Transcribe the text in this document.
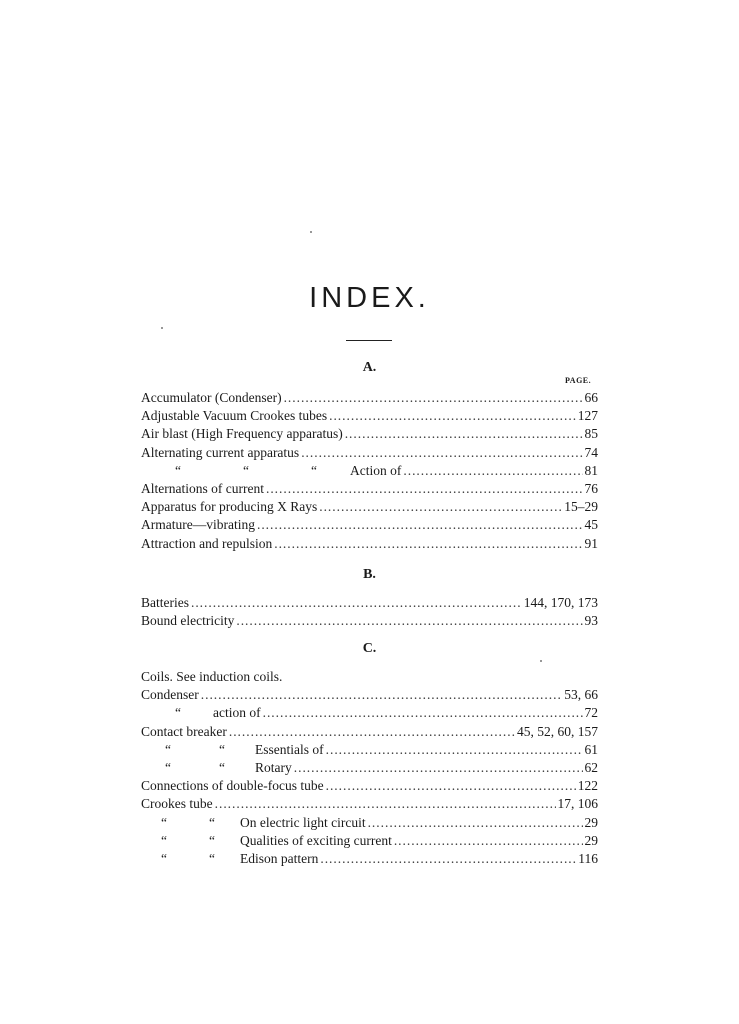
INDEX.
A.
PAGE.
Accumulator (Condenser) . . .	66
Adjustable Vacuum Crookes tubes . . .	127
Air blast (High Frequency apparatus) . . .	85
Alternating current apparatus . . .	74
“	“	“ Action of . . .	81
Alternations of current . . .	76
Apparatus for producing X Rays . . .	15–29
Armature—vibrating . . .	45
Attraction and repulsion . . .	91
B.
Batteries . . .	144, 170, 173
Bound electricity . . .	93
C.
Coils. See induction coils.
Condenser . . .	53, 66
“ action of . . .	72
Contact breaker . . .	45, 52, 60, 157
“	“ Essentials of . . .	61
“	“ Rotary . . .	62
Connections of double-focus tube . . .	122
Crookes tube . . .	17, 106
“	“ On electric light circuit . . .	29
“	“ Qualities of exciting current . . .	29
“	“ Edison pattern . . .	116
